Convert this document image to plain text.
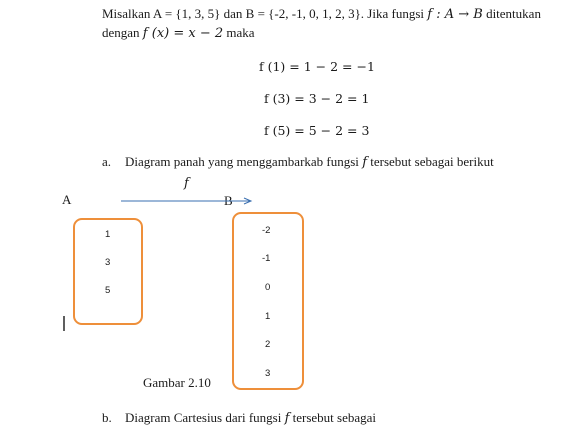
Misalkan A = {1, 3, 5} dan B = {-2, -1, 0, 1, 2, 3}. Jika fungsi f : A → B ditentukan
dengan f (x) = x − 2 maka
f (1) = 1 − 2 = −1
f (3) = 3 − 2 = 1
f (5) = 5 − 2 = 3
a. Diagram panah yang menggambarkab fungsi f tersebut sebagai berikut
f
A	B
1
3
5
-2
-1
0
1
2
3
Gambar 2.10
b. Diagram Cartesius dari fungsi f tersebut sebagai
